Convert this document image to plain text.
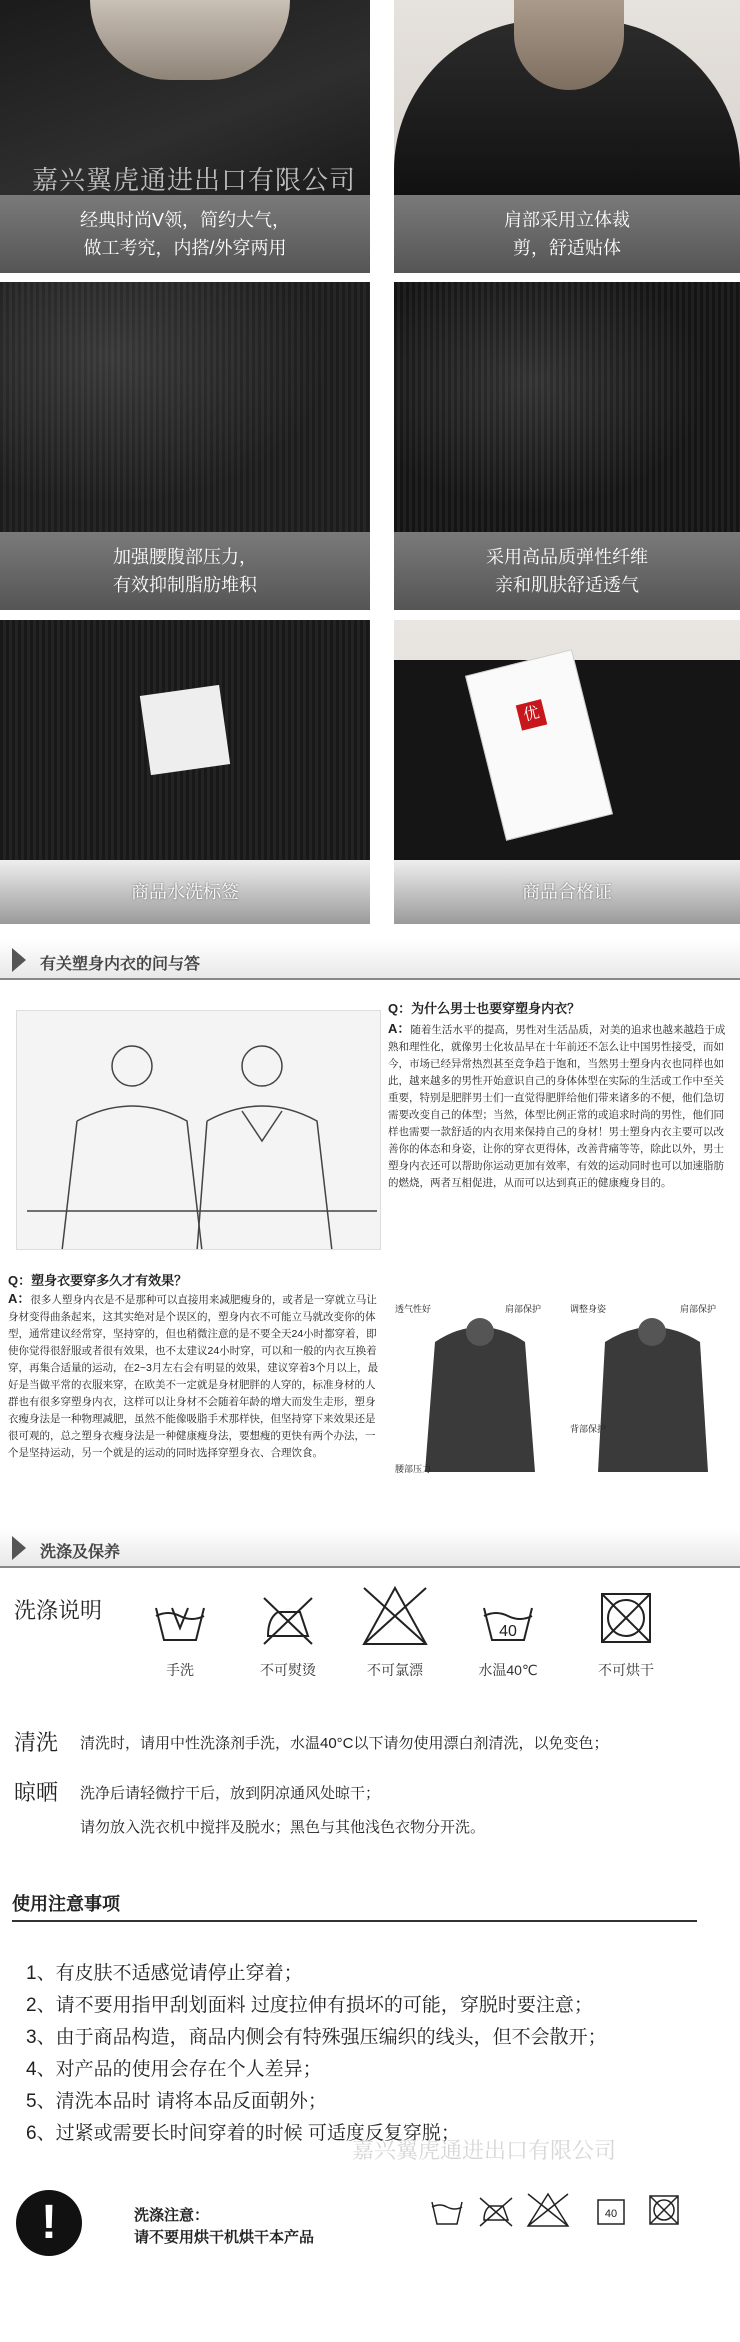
嘉兴翼虎通进出口有限公司
经典时尚V领，简约大气，
做工考究，内搭/外穿两用
肩部采用立体裁
剪，舒适贴体
加强腰腹部压力，
有效抑制脂肪堆积
采用高品质弹性纤维
亲和肌肤舒适透气
优
商品水洗标签	商品合格证
有关塑身内衣的问与答
Q：为什么男士也要穿塑身内衣？
A：随着生活水平的提高，男性对生活品质，对美的追求也越来越趋于成熟和理性化，就像男士化妆品早在十年前还不怎么让中国男性接受，而如今，市场已经异常热烈甚至竞争趋于饱和，当然男士塑身内衣也同样也如此，越来越多的男性开始意识自己的身体体型在实际的生活或工作中至关重要，特别是肥胖男士们一直觉得肥胖给他们带来诸多的不便，他们急切需要改变自己的体型；当然，体型比例正常的或追求时尚的男性，他们同样也需要一款舒适的内衣用来保持自己的身材！男士塑身内衣主要可以改善你的体态和身姿，让你的穿衣更得体，改善背痛等等，除此以外，男士塑身内衣还可以帮助你运动更加有效率，有效的运动同时也可以加速脂肪的燃烧，两者互相促进，从而可以达到真正的健康瘦身目的。
Q：塑身衣要穿多久才有效果？
A：很多人塑身内衣是不是那种可以直接用来减肥瘦身的，或者是一穿就立马让身材变得曲条起来，这其实绝对是个误区的，塑身内衣不可能立马就改变你的体型，通常建议经常穿，坚持穿的，但也稍微注意的是不要全天24小时都穿着，即使你觉得很舒服或者很有效果，也不太建议24小时穿，可以和一般的内衣互换着穿，再集合适量的运动，在2~3月左右会有明显的效果，建议穿着3个月以上，最好是当做平常的衣服来穿，在欧美不一定就是身材肥胖的人穿的，标准身材的人群也有很多穿塑身内衣，这样可以让身材不会随着年龄的增大而发生走形，塑身衣瘦身法是一种物理减肥，虽然不能像吸脂手术那样快，但坚持穿下来效果还是很可观的，总之塑身衣瘦身法是一种健康瘦身法，要想瘦的更快有两个办法，一个是坚持运动，另一个就是的运动的同时选择穿塑身衣、合理饮食。
透气性好	肩部保护
腰部压力
调整身姿	肩部保护
背部保护
洗涤及保养
洗涤说明
40
手洗	不可熨烫	不可氯漂	水温40℃	不可烘干
清洗 清洗时，请用中性洗涤剂手洗，水温40°C以下请勿使用漂白剂清洗，以免变色；
晾晒 洗净后请轻微拧干后，放到阴凉通风处晾干；
请勿放入洗衣机中搅拌及脱水；黑色与其他浅色衣物分开洗。
使用注意事项
1、有皮肤不适感觉请停止穿着；
2、请不要用指甲刮划面料 过度拉伸有损坏的可能，穿脱时要注意；
3、由于商品构造，商品内侧会有特殊强压编织的线头，但不会散开；
4、对产品的使用会存在个人差异；
5、清洗本品时 请将本品反面朝外；
6、过紧或需要长时间穿着的时候 可适度反复穿脱；
嘉兴翼虎通进出口有限公司
!	洗涤注意：
请不要用烘干机烘干本产品
40
